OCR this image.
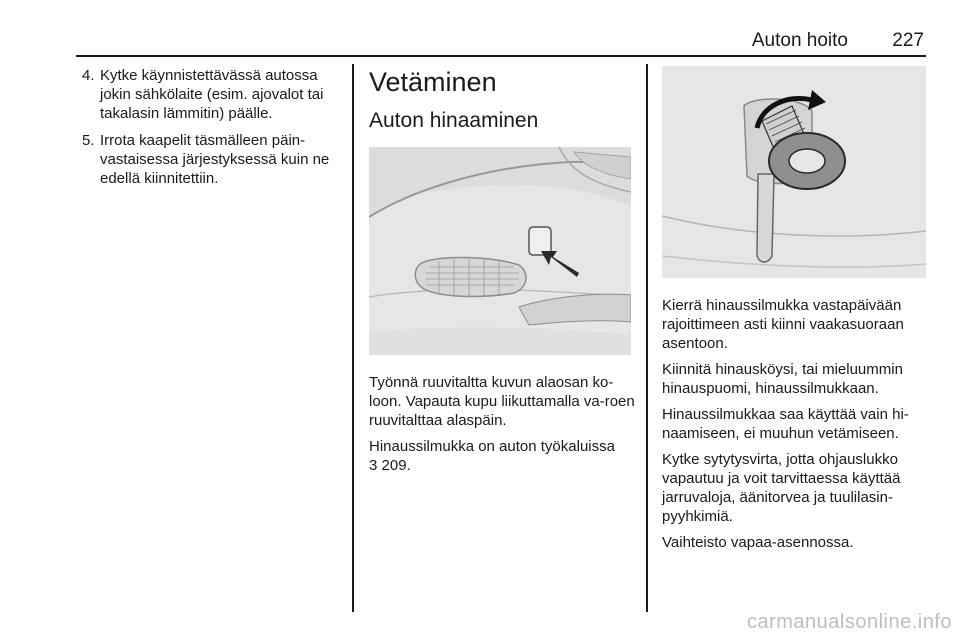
Auton hoito 227
4. Kytke käynnistettävässä autossa jokin sähkölaite (esim. ajovalot tai takalasin lämmitin) päälle.
5. Irrota kaapelit täsmälleen päin-vastaisessa järjestyksessä kuin ne edellä kiinnitettiin.
Vetäminen
Auton hinaaminen

Työnnä ruuvitaltta kuvun alaosan ko-loon. Vapauta kupu liikuttamalla va-roen ruuvitalttaa alaspäin.

Hinaussilmukka on auton työkaluissa
3 209.

Kierrä hinaussilmukka vastapäivään rajoittimeen asti kiinni vaakasuoraan asentoon.

Kiinnitä hinausköysi, tai mieluummin hinauspuomi, hinaussilmukkaan.

Hinaussilmukkaa saa käyttää vain hi-naamiseen, ei muuhun vetämiseen.

Kytke sytytysvirta, jotta ohjauslukko vapautuu ja voit tarvittaessa käyttää jarruvaloja, äänitorvea ja tuulilasin-pyyhkimiä.

Vaihteisto vapaa-asennossa.

carmanualsonline.info
